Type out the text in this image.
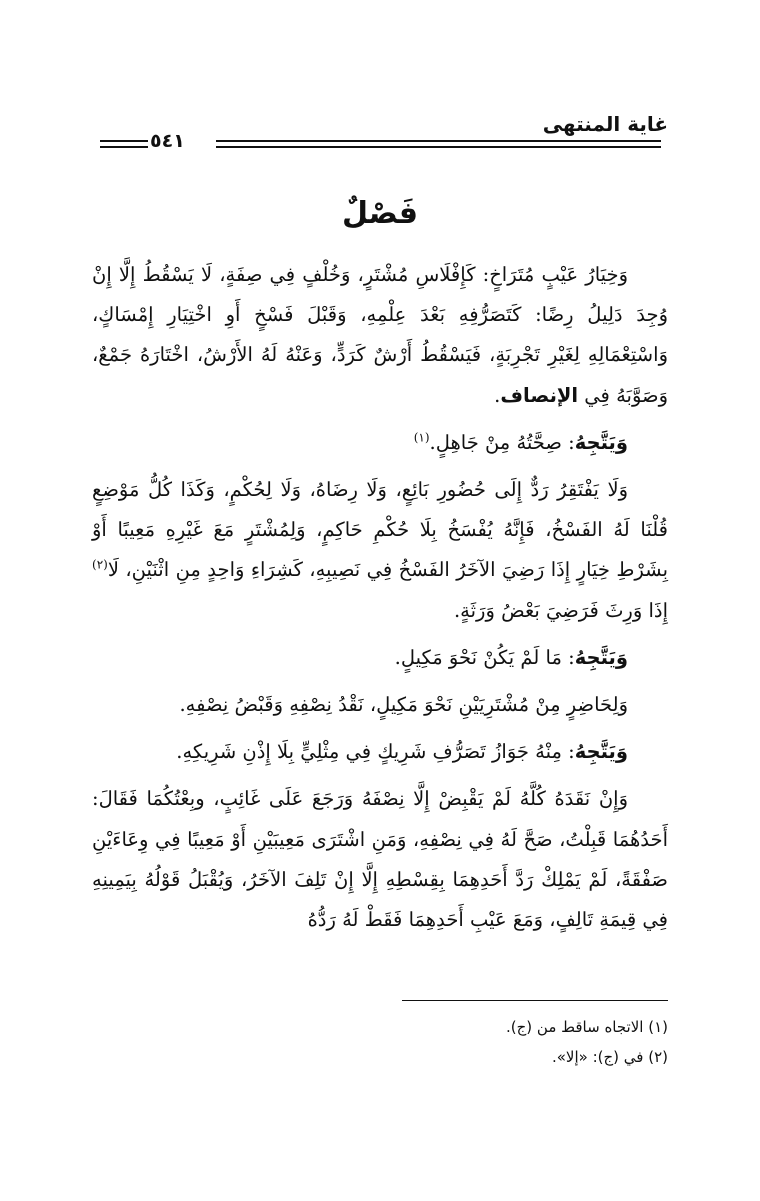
غاية المنتهى
٥٤١
فَصْلٌ

وَخِيَارُ عَيْبٍ مُتَرَاخٍ: كَإِفْلَاسِ مُشْتَرٍ، وَخُلْفٍ فِي صِفَةٍ، لَا يَسْقُطُ إِلَّا إِنْ وُجِدَ دَلِيلُ رِضًا: كَتَصَرُّفِهِ بَعْدَ عِلْمِهِ، وَقَبْلَ فَسْخٍ أَوِ اخْتِيَارِ إِمْسَاكٍ، وَاسْتِعْمَالِهِ لِغَيْرِ تَجْرِبَةٍ، فَيَسْقُطُ أَرْشٌ كَرَدٍّ، وَعَنْهُ لَهُ الأَرْشُ، اخْتَارَهُ جَمْعٌ، وَصَوَّبَهُ فِي الإنصاف.

وَيَتَّجِهُ: صِحَّتُهُ مِنْ جَاهِلٍ.$^{(١)}$

وَلَا يَفْتَقِرُ رَدٌّ إِلَى حُضُورِ بَائِعٍ، وَلَا رِضَاهُ، وَلَا لِحُكْمٍ، وَكَذَا كُلُّ مَوْضِعٍ قُلْنَا لَهُ الفَسْخُ، فَإِنَّهُ يُفْسَخُ بِلَا حُكْمِ حَاكِمٍ، وَلِمُشْتَرٍ مَعَ غَيْرِهِ مَعِيبًا أَوْ بِشَرْطِ خِيَارٍ إِذَا رَضِيَ الآخَرُ الفَسْخُ فِي نَصِيبِهِ، كَشِرَاءِ وَاحِدٍ مِنِ اثْنَيْنِ، لَا$^{(٢)}$ إِذَا وَرِثَ فَرَضِيَ بَعْضُ وَرَثَةٍ.

وَيَتَّجِهُ: مَا لَمْ يَكُنْ نَحْوَ مَكِيلٍ.

وَلِحَاضِرٍ مِنْ مُشْتَرِيَيْنِ نَحْوَ مَكِيلٍ، نَقْدُ نِصْفِهِ وَقَبْضُ نِصْفِهِ.

وَيَتَّجِهُ: مِنْهُ جَوَازُ تَصَرُّفِ شَرِيكٍ فِي مِثْلِيٍّ بِلَا إِذْنِ شَرِيكِهِ.

وَإِنْ نَقَدَهُ كُلَّهُ لَمْ يَقْبِضْ إِلَّا نِصْفَهُ وَرَجَعَ عَلَى غَائِبٍ، وبِعْتُكُمَا فَقَالَ: أَحَدُهُمَا قَبِلْتُ، صَحَّ لَهُ فِي نِصْفِهِ، وَمَنِ اشْتَرَى مَعِيبَيْنِ أَوْ مَعِيبًا فِي وِعَاءَيْنِ صَفْقَةً، لَمْ يَمْلِكْ رَدَّ أَحَدِهِمَا بِقِسْطِهِ إِلَّا إِنْ تَلِفَ الآخَرُ، وَيُقْبَلُ قَوْلُهُ بِيَمِينِهِ فِي قِيمَةِ تَالِفٍ، وَمَعَ عَيْبِ أَحَدِهِمَا فَقَطْ لَهُ رَدُّهُ

(١) الاتجاه ساقط من (ج).

(٢) في (ج): «إلا».
